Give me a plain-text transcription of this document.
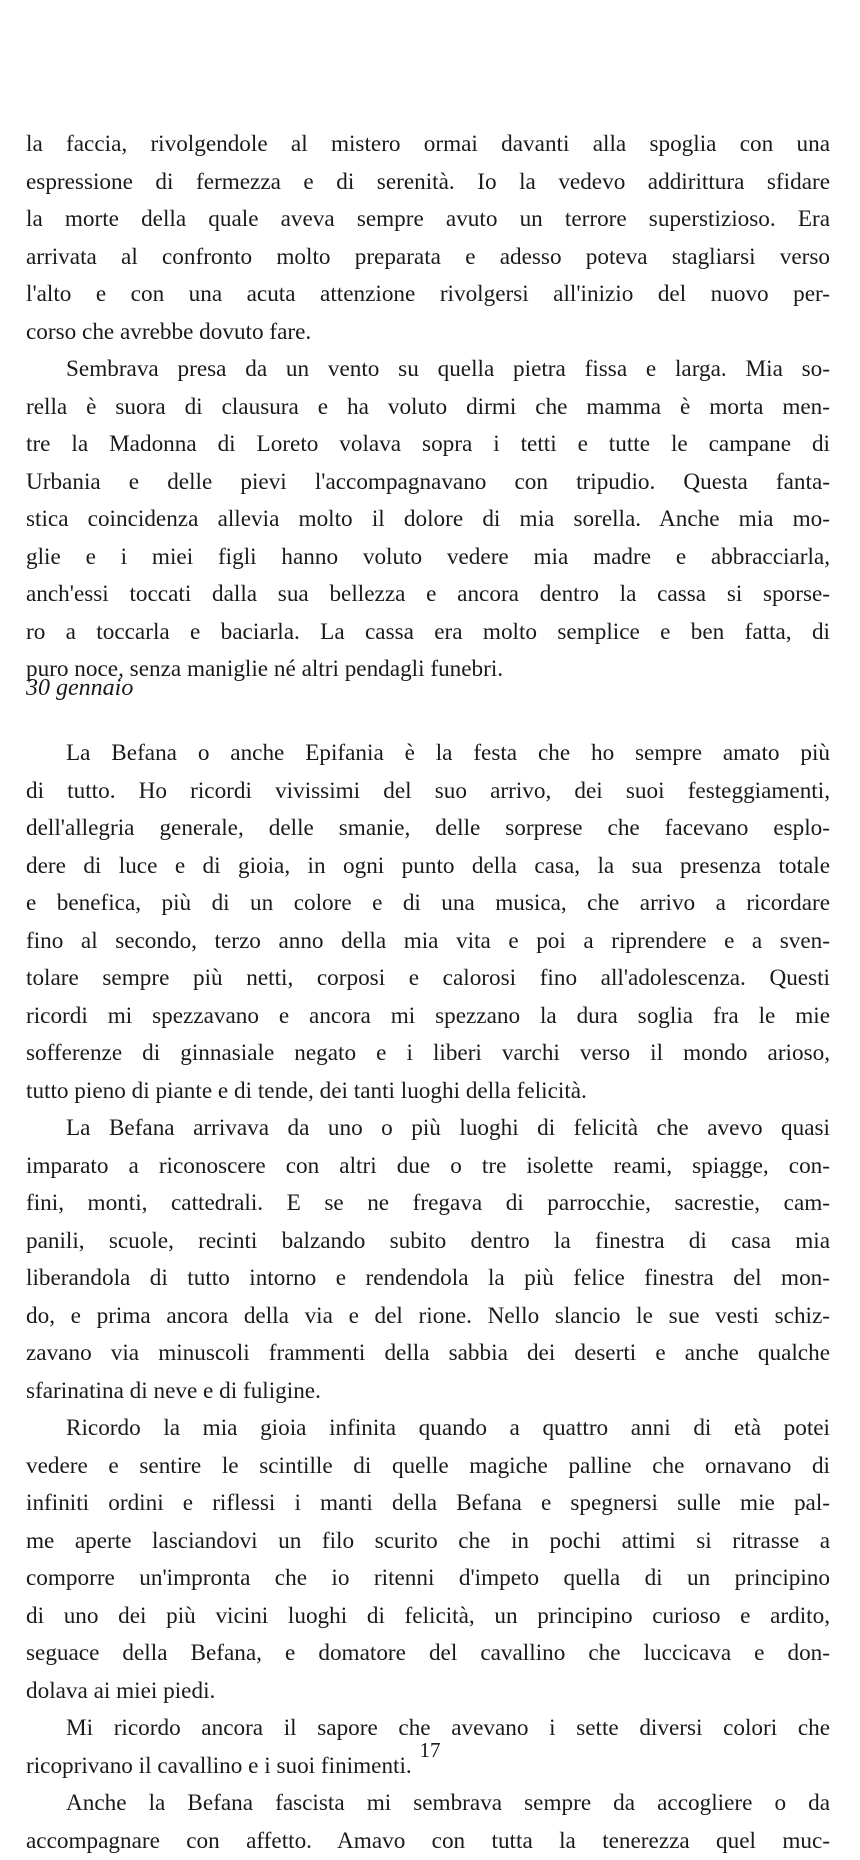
la faccia, rivolgendole al mistero ormai davanti alla spoglia con una
espressione di fermezza e di serenità. Io la vedevo addirittura sfidare
la morte della quale aveva sempre avuto un terrore superstizioso. Era
arrivata al confronto molto preparata e adesso poteva stagliarsi verso
l'alto e con una acuta attenzione rivolgersi all'inizio del nuovo per-
corso che avrebbe dovuto fare.
Sembrava presa da un vento su quella pietra fissa e larga. Mia so-
rella è suora di clausura e ha voluto dirmi che mamma è morta men-
tre la Madonna di Loreto volava sopra i tetti e tutte le campane di
Urbania e delle pievi l'accompagnavano con tripudio. Questa fanta-
stica coincidenza allevia molto il dolore di mia sorella. Anche mia mo-
glie e i miei figli hanno voluto vedere mia madre e abbracciarla,
anch'essi toccati dalla sua bellezza e ancora dentro la cassa si sporse-
ro a toccarla e baciarla. La cassa era molto semplice e ben fatta, di
puro noce, senza maniglie né altri pendagli funebri.
30 gennaio
La Befana o anche Epifania è la festa che ho sempre amato più
di tutto. Ho ricordi vivissimi del suo arrivo, dei suoi festeggiamenti,
dell'allegria generale, delle smanie, delle sorprese che facevano esplo-
dere di luce e di gioia, in ogni punto della casa, la sua presenza totale
e benefica, più di un colore e di una musica, che arrivo a ricordare
fino al secondo, terzo anno della mia vita e poi a riprendere e a sven-
tolare sempre più netti, corposi e calorosi fino all'adolescenza. Questi
ricordi mi spezzavano e ancora mi spezzano la dura soglia fra le mie
sofferenze di ginnasiale negato e i liberi varchi verso il mondo arioso,
tutto pieno di piante e di tende, dei tanti luoghi della felicità.
La Befana arrivava da uno o più luoghi di felicità che avevo quasi
imparato a riconoscere con altri due o tre isolette reami, spiagge, con-
fini, monti, cattedrali. E se ne fregava di parrocchie, sacrestie, cam-
panili, scuole, recinti balzando subito dentro la finestra di casa mia
liberandola di tutto intorno e rendendola la più felice finestra del mon-
do, e prima ancora della via e del rione. Nello slancio le sue vesti schiz-
zavano via minuscoli frammenti della sabbia dei deserti e anche qualche
sfarinatina di neve e di fuligine.
Ricordo la mia gioia infinita quando a quattro anni di età potei
vedere e sentire le scintille di quelle magiche palline che ornavano di
infiniti ordini e riflessi i manti della Befana e spegnersi sulle mie pal-
me aperte lasciandovi un filo scurito che in pochi attimi si ritrasse a
comporre un'impronta che io ritenni d'impeto quella di un principino
di uno dei più vicini luoghi di felicità, un principino curioso e ardito,
seguace della Befana, e domatore del cavallino che luccicava e don-
dolava ai miei piedi.
Mi ricordo ancora il sapore che avevano i sette diversi colori che
ricoprivano il cavallino e i suoi finimenti.
Anche la Befana fascista mi sembrava sempre da accogliere o da
accompagnare con affetto. Amavo con tutta la tenerezza quel muc-
17
